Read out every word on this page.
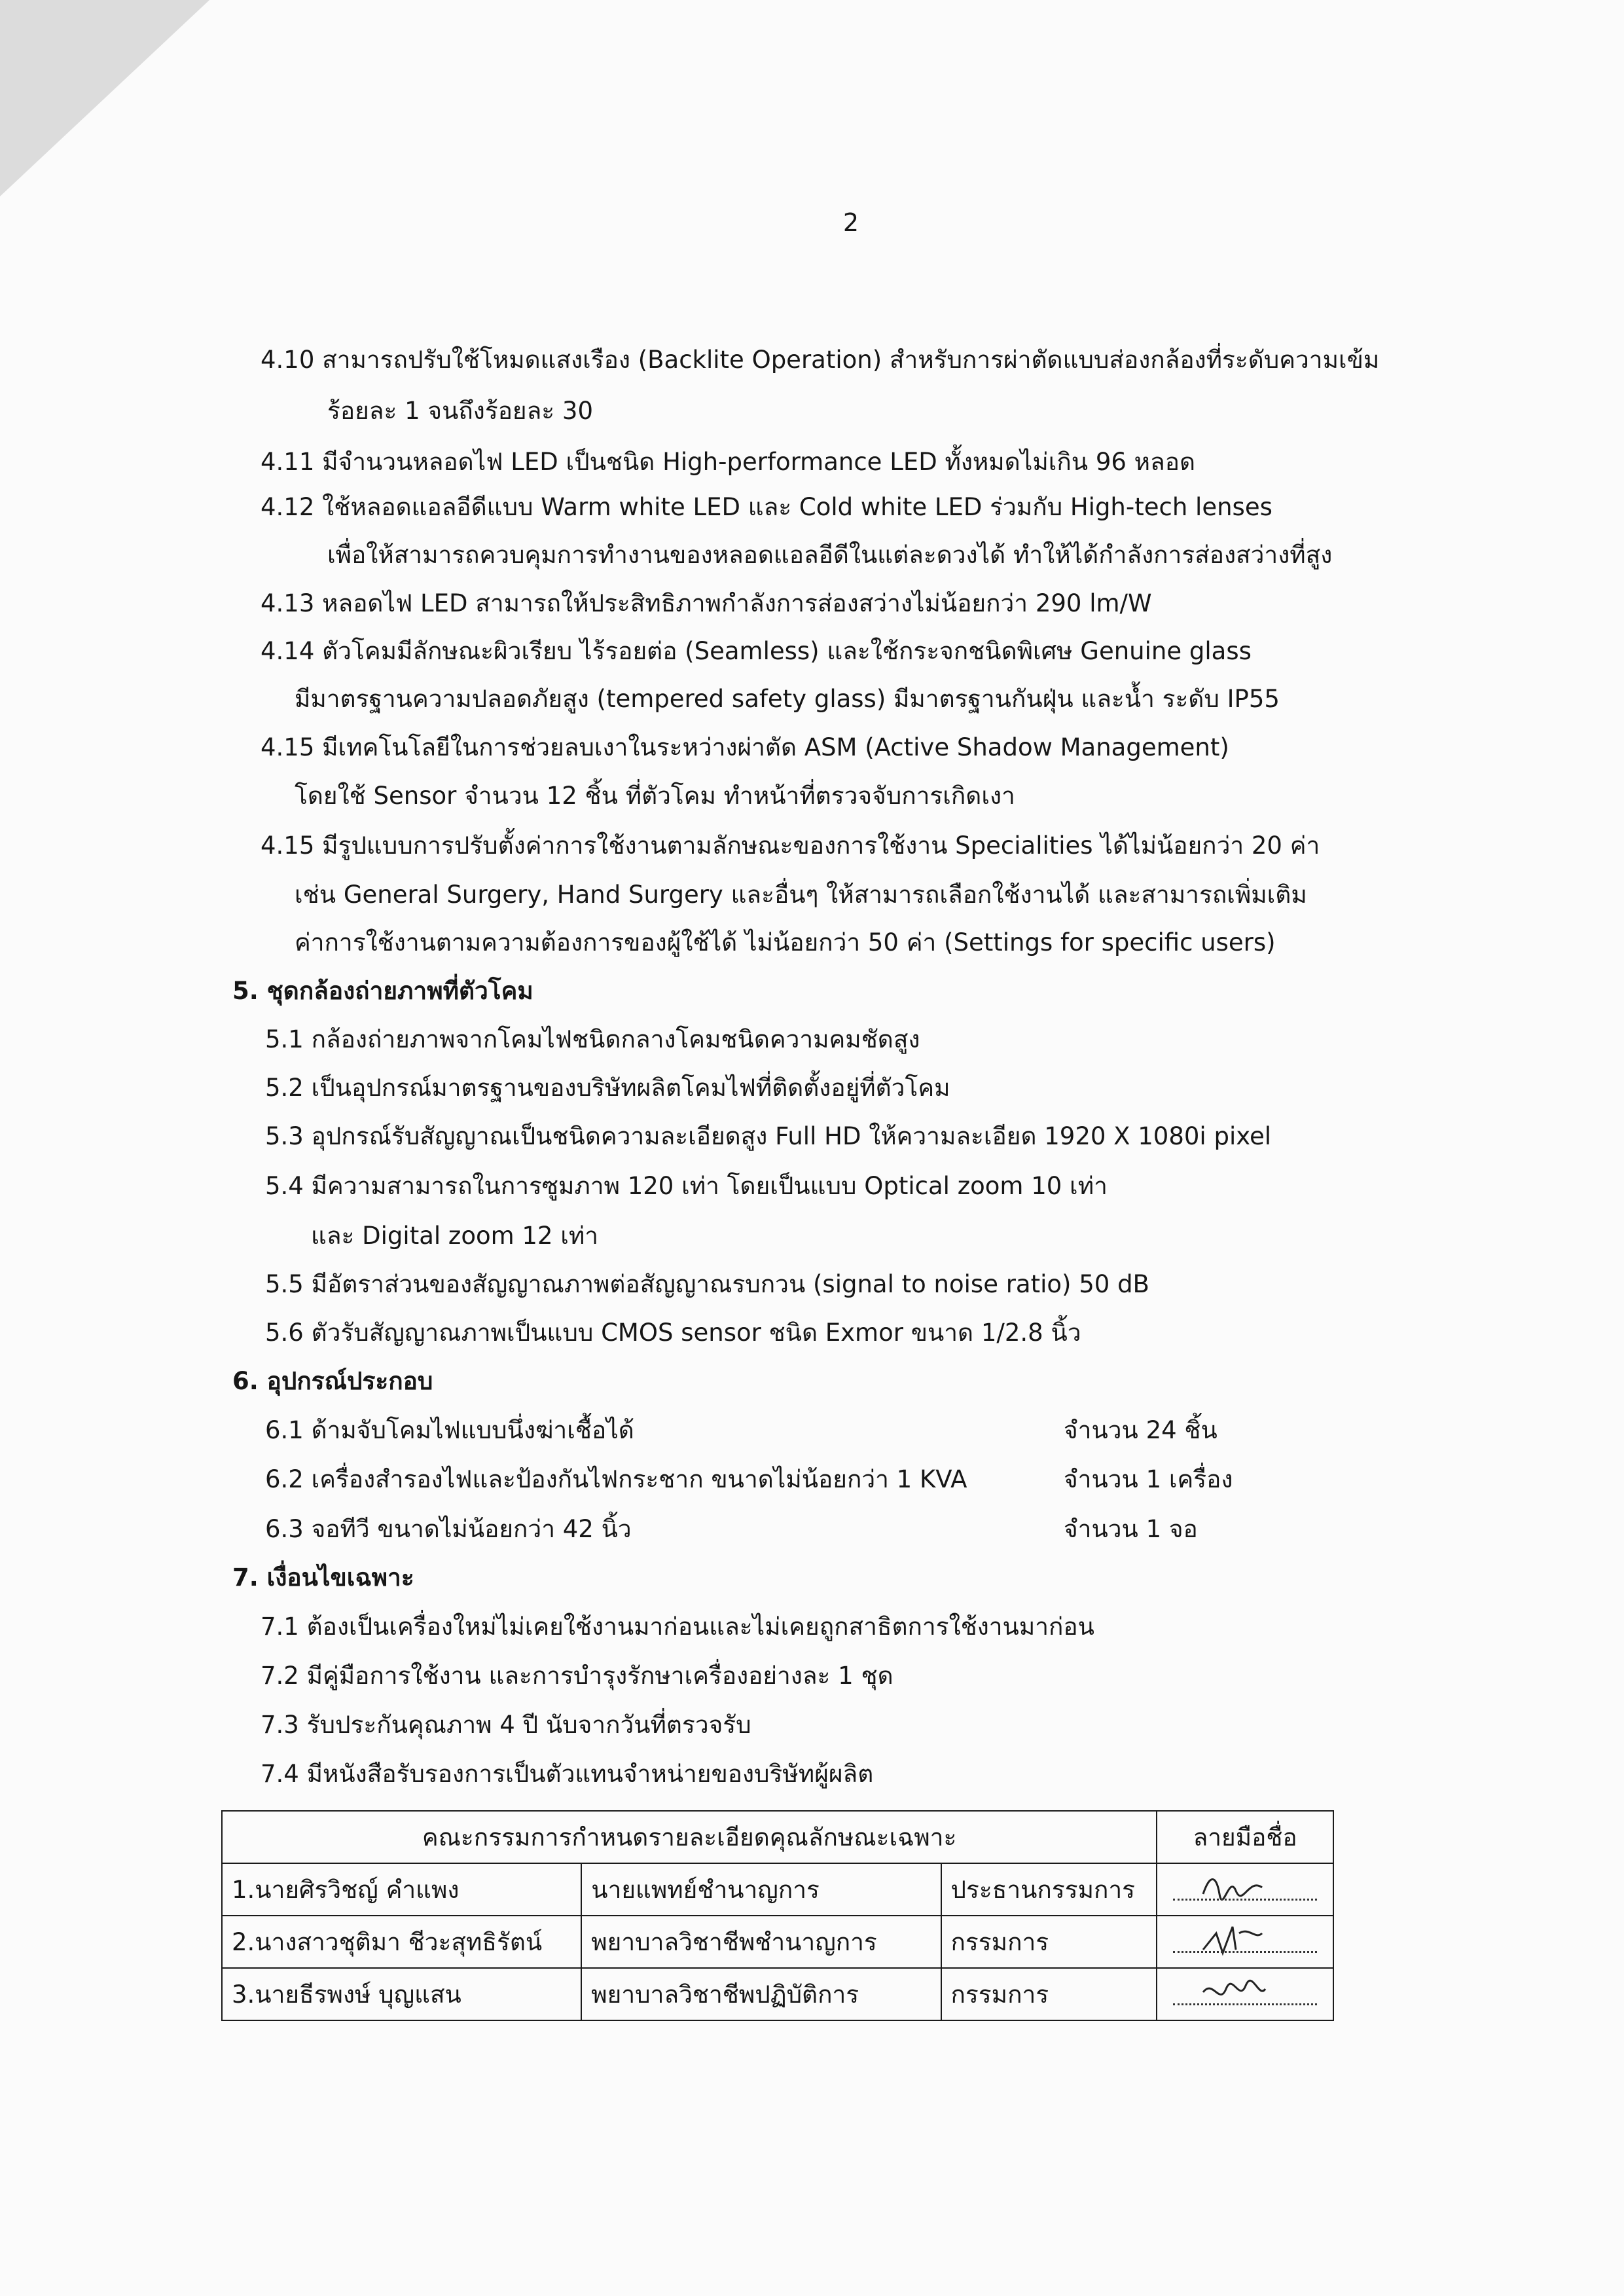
2
4.10 สามารถปรับใช้โหมดแสงเรือง (Backlite Operation) สำหรับการผ่าตัดแบบส่องกล้องที่ระดับความเข้ม
ร้อยละ 1 จนถึงร้อยละ 30
4.11 มีจำนวนหลอดไฟ LED เป็นชนิด High-performance LED ทั้งหมดไม่เกิน 96 หลอด
4.12 ใช้หลอดแอลอีดีแบบ Warm white LED และ Cold white LED ร่วมกับ High-tech lenses
เพื่อให้สามารถควบคุมการทำงานของหลอดแอลอีดีในแต่ละดวงได้ ทำให้ได้กำลังการส่องสว่างที่สูง
4.13 หลอดไฟ LED สามารถให้ประสิทธิภาพกำลังการส่องสว่างไม่น้อยกว่า 290 lm/W
4.14 ตัวโคมมีลักษณะผิวเรียบ ไร้รอยต่อ (Seamless) และใช้กระจกชนิดพิเศษ Genuine glass
มีมาตรฐานความปลอดภัยสูง (tempered safety glass) มีมาตรฐานกันฝุ่น และน้ำ ระดับ IP55
4.15 มีเทคโนโลยีในการช่วยลบเงาในระหว่างผ่าตัด ASM (Active Shadow Management)
โดยใช้ Sensor จำนวน 12 ชิ้น ที่ตัวโคม ทำหน้าที่ตรวจจับการเกิดเงา
4.15 มีรูปแบบการปรับตั้งค่าการใช้งานตามลักษณะของการใช้งาน Specialities ได้ไม่น้อยกว่า 20 ค่า
เช่น General Surgery, Hand Surgery และอื่นๆ ให้สามารถเลือกใช้งานได้ และสามารถเพิ่มเติม
ค่าการใช้งานตามความต้องการของผู้ใช้ได้ ไม่น้อยกว่า 50 ค่า (Settings for specific users)
5. ชุดกล้องถ่ายภาพที่ตัวโคม
5.1 กล้องถ่ายภาพจากโคมไฟชนิดกลางโคมชนิดความคมชัดสูง
5.2 เป็นอุปกรณ์มาตรฐานของบริษัทผลิตโคมไฟที่ติดตั้งอยู่ที่ตัวโคม
5.3 อุปกรณ์รับสัญญาณเป็นชนิดความละเอียดสูง Full HD ให้ความละเอียด 1920 X 1080i pixel
5.4 มีความสามารถในการซูมภาพ 120 เท่า โดยเป็นแบบ Optical zoom 10 เท่า
และ Digital zoom 12 เท่า
5.5 มีอัตราส่วนของสัญญาณภาพต่อสัญญาณรบกวน (signal to noise ratio) 50 dB
5.6 ตัวรับสัญญาณภาพเป็นแบบ CMOS sensor ชนิด Exmor ขนาด 1/2.8 นิ้ว
6. อุปกรณ์ประกอบ
6.1 ด้ามจับโคมไฟแบบนึ่งฆ่าเชื้อได้	จำนวน 24 ชิ้น
6.2 เครื่องสำรองไฟและป้องกันไฟกระชาก ขนาดไม่น้อยกว่า 1 KVA	จำนวน 1 เครื่อง
6.3 จอทีวี ขนาดไม่น้อยกว่า 42 นิ้ว	จำนวน 1 จอ
7. เงื่อนไขเฉพาะ
7.1 ต้องเป็นเครื่องใหม่ไม่เคยใช้งานมาก่อนและไม่เคยถูกสาธิตการใช้งานมาก่อน
7.2 มีคู่มือการใช้งาน และการบำรุงรักษาเครื่องอย่างละ 1 ชุด
7.3 รับประกันคุณภาพ 4 ปี นับจากวันที่ตรวจรับ
7.4 มีหนังสือรับรองการเป็นตัวแทนจำหน่ายของบริษัทผู้ผลิต
คณะกรรมการกำหนดรายละเอียดคุณลักษณะเฉพาะ			ลายมือชื่อ
1.นายศิรวิชญ์ คำแพง	นายแพทย์ชำนาญการ	ประธานกรรมการ	

2.นางสาวชุติมา ชีวะสุทธิรัตน์	พยาบาลวิชาชีพชำนาญการ	กรรมการ	

3.นายธีรพงษ์ บุญแสน	พยาบาลวิชาชีพปฏิบัติการ	กรรมการ	
